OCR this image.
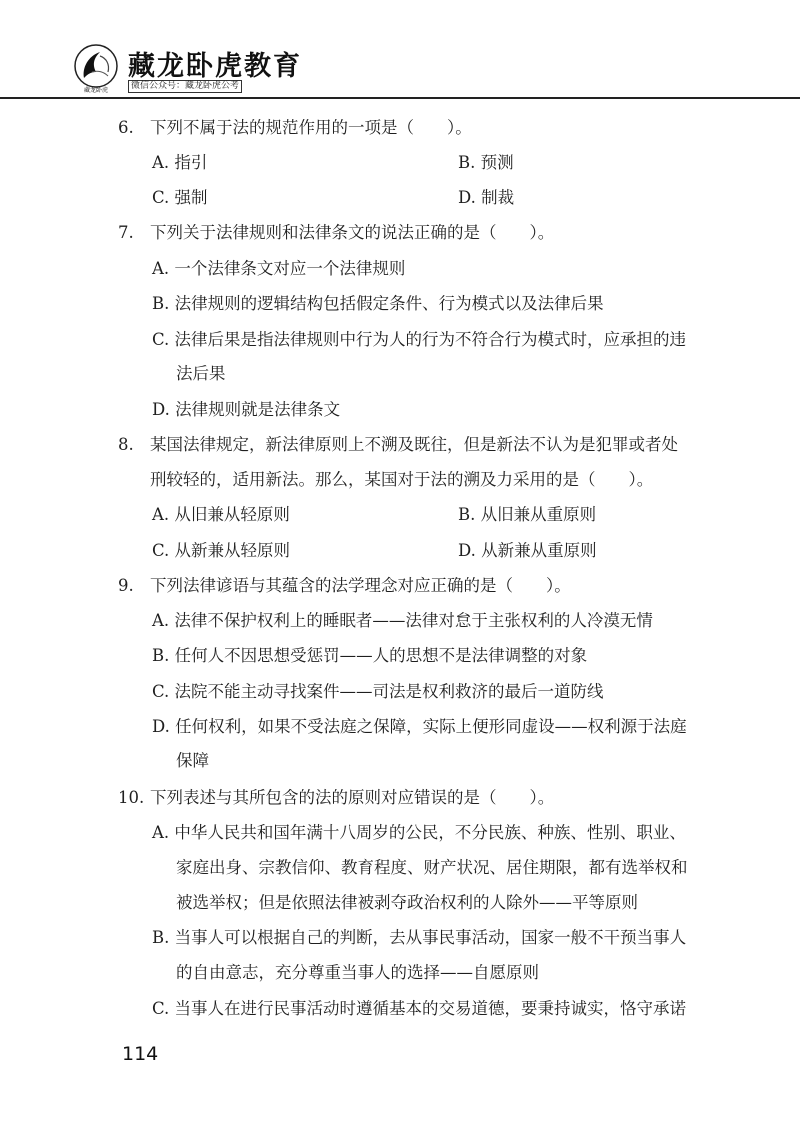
藏龙卧虎
藏龙卧虎教育
微信公众号：藏龙卧虎公考
6. 下列不属于法的规范作用的一项是（　　）。
A. 指引	B. 预测
C. 强制	D. 制裁
7. 下列关于法律规则和法律条文的说法正确的是（　　）。
A. 一个法律条文对应一个法律规则
B. 法律规则的逻辑结构包括假定条件、行为模式以及法律后果
C. 法律后果是指法律规则中行为人的行为不符合行为模式时，应承担的违
法后果
D. 法律规则就是法律条文
8. 某国法律规定，新法律原则上不溯及既往，但是新法不认为是犯罪或者处
刑较轻的，适用新法。那么，某国对于法的溯及力采用的是（　　）。
A. 从旧兼从轻原则	B. 从旧兼从重原则
C. 从新兼从轻原则	D. 从新兼从重原则
9. 下列法律谚语与其蕴含的法学理念对应正确的是（　　）。
A. 法律不保护权利上的睡眠者——法律对怠于主张权利的人冷漠无情
B. 任何人不因思想受惩罚——人的思想不是法律调整的对象
C. 法院不能主动寻找案件——司法是权利救济的最后一道防线
D. 任何权利，如果不受法庭之保障，实际上便形同虚设——权利源于法庭
保障
10. 下列表述与其所包含的法的原则对应错误的是（　　）。
A. 中华人民共和国年满十八周岁的公民，不分民族、种族、性别、职业、
家庭出身、宗教信仰、教育程度、财产状况、居住期限，都有选举权和
被选举权；但是依照法律被剥夺政治权利的人除外——平等原则
B. 当事人可以根据自己的判断，去从事民事活动，国家一般不干预当事人
的自由意志，充分尊重当事人的选择——自愿原则
C. 当事人在进行民事活动时遵循基本的交易道德，要秉持诚实，恪守承诺
114
